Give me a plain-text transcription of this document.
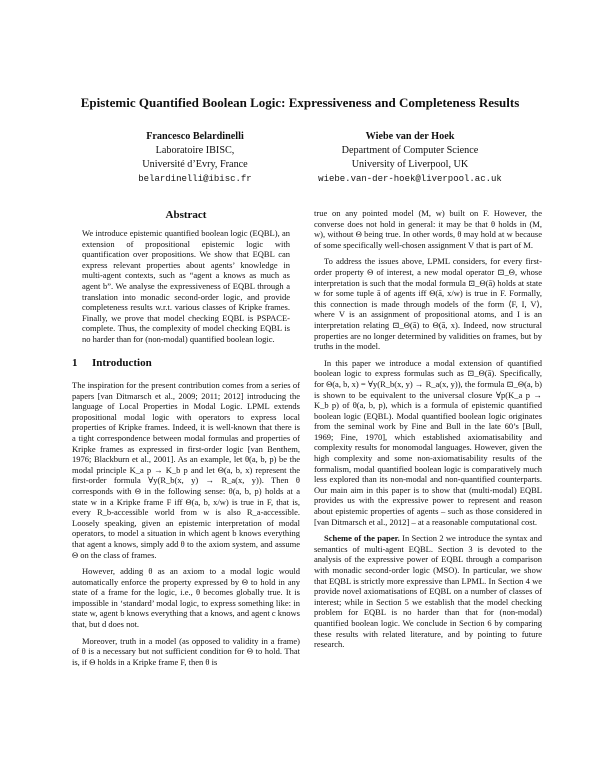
Epistemic Quantified Boolean Logic: Expressiveness and Completeness Results
Francesco Belardinelli
Laboratoire IBISC,
Université d’Evry, France
belardinelli@ibisc.fr
Wiebe van der Hoek
Department of Computer Science
University of Liverpool, UK
wiebe.van-der-hoek@liverpool.ac.uk
Abstract

We introduce epistemic quantified boolean logic (EQBL), an extension of propositional epistemic logic with quantification over propositions. We show that EQBL can express relevant properties about agents’ knowledge in multi-agent contexts, such as “agent a knows as much as agent b”. We analyse the expressiveness of EQBL through a translation into monadic second-order logic, and provide completeness results w.r.t. various classes of Kripke frames. Finally, we prove that model checking EQBL is PSPACE-complete. Thus, the complexity of model checking EQBL is no harder than for (non-modal) quantified boolean logic.

1 Introduction

The inspiration for the present contribution comes from a series of papers [van Ditmarsch et al., 2009; 2011; 2012] introducing the language of Local Properties in Modal Logic. LPML extends propositional modal logic with operators to express local properties of Kripke frames. Indeed, it is well-known that there is a tight correspondence between modal formulas and properties of Kripke frames as expressed in first-order logic [van Benthem, 1976; Blackburn et al., 2001]. As an example, let θ(a, b, p) be the modal principle K_a p → K_b p and let Θ(a, b, x) represent the first-order formula ∀y(R_b(x, y) → R_a(x, y)). Then θ corresponds with Θ in the following sense: θ(a, b, p) holds at a state w in a Kripke frame F iff Θ(a, b, x/w) is true in F, that is, every R_b-accessible world from w is also R_a-accessible. Loosely speaking, given an epistemic interpretation of modal operators, to model a situation in which agent b knows everything that agent a knows, simply add θ to the axiom system, and assume Θ on the class of frames.

However, adding θ as an axiom to a modal logic would automatically enforce the property expressed by Θ to hold in any state of a frame for the logic, i.e., θ becomes globally true. It is impossible in ‘standard’ modal logic, to express something like: in state w, agent b knows everything that a knows, and agent c knows that, but d does not.

Moreover, truth in a model (as opposed to validity in a frame) of θ is a necessary but not sufficient condition for Θ to hold. That is, if Θ holds in a Kripke frame F, then θ is

true on any pointed model (M, w) built on F. However, the converse does not hold in general: it may be that θ holds in (M, w), without Θ being true. In other words, θ may hold at w because of some specifically well-chosen assignment V that is part of M.

To address the issues above, LPML considers, for every first-order property Θ of interest, a new modal operator ⊡_Θ, whose interpretation is such that the modal formula ⊡_Θ(ā) holds at state w for some tuple ā of agents iff Θ(ā, x/w) is true in F. Formally, this connection is made through models of the form ⟨F, I, V⟩, where V is an assignment of propositional atoms, and I is an interpretation relating ⊡_Θ(ā) to Θ(ā, x). Indeed, now structural properties are no longer determined by validities on frames, but by truths in the model.

In this paper we introduce a modal extension of quantified boolean logic to express formulas such as ⊡_Θ(ā). Specifically, for Θ(a, b, x) = ∀y(R_b(x, y) → R_a(x, y)), the formula ⊡_Θ(a, b) is shown to be equivalent to the universal closure ∀p(K_a p → K_b p) of θ(a, b, p), which is a formula of epistemic quantified boolean logic (EQBL). Modal quantified boolean logic originates from the seminal work by Fine and Bull in the late 60’s [Bull, 1969; Fine, 1970], which established axiomatisability and complexity results for monomodal languages. However, given the high complexity and some non-axiomatisability results of the formalism, modal quantified boolean logic is comparatively much less explored than its non-modal and non-quantified counterparts. Our main aim in this paper is to show that (multi-modal) EQBL provides us with the expressive power to represent and reason about epistemic properties of agents – such as those considered in [van Ditmarsch et al., 2012] – at a reasonable computational cost.

Scheme of the paper. In Section 2 we introduce the syntax and semantics of multi-agent EQBL. Section 3 is devoted to the analysis of the expressive power of EQBL through a comparison with monadic second-order logic (MSO). In particular, we show that EQBL is strictly more expressive than LPML. In Section 4 we provide novel axiomatisations of EQBL on a number of classes of interest; while in Section 5 we establish that the model checking problem for EQBL is no harder than that for (non-modal) quantified boolean logic. We conclude in Section 6 by comparing these results with related literature, and by pointing to future research.
